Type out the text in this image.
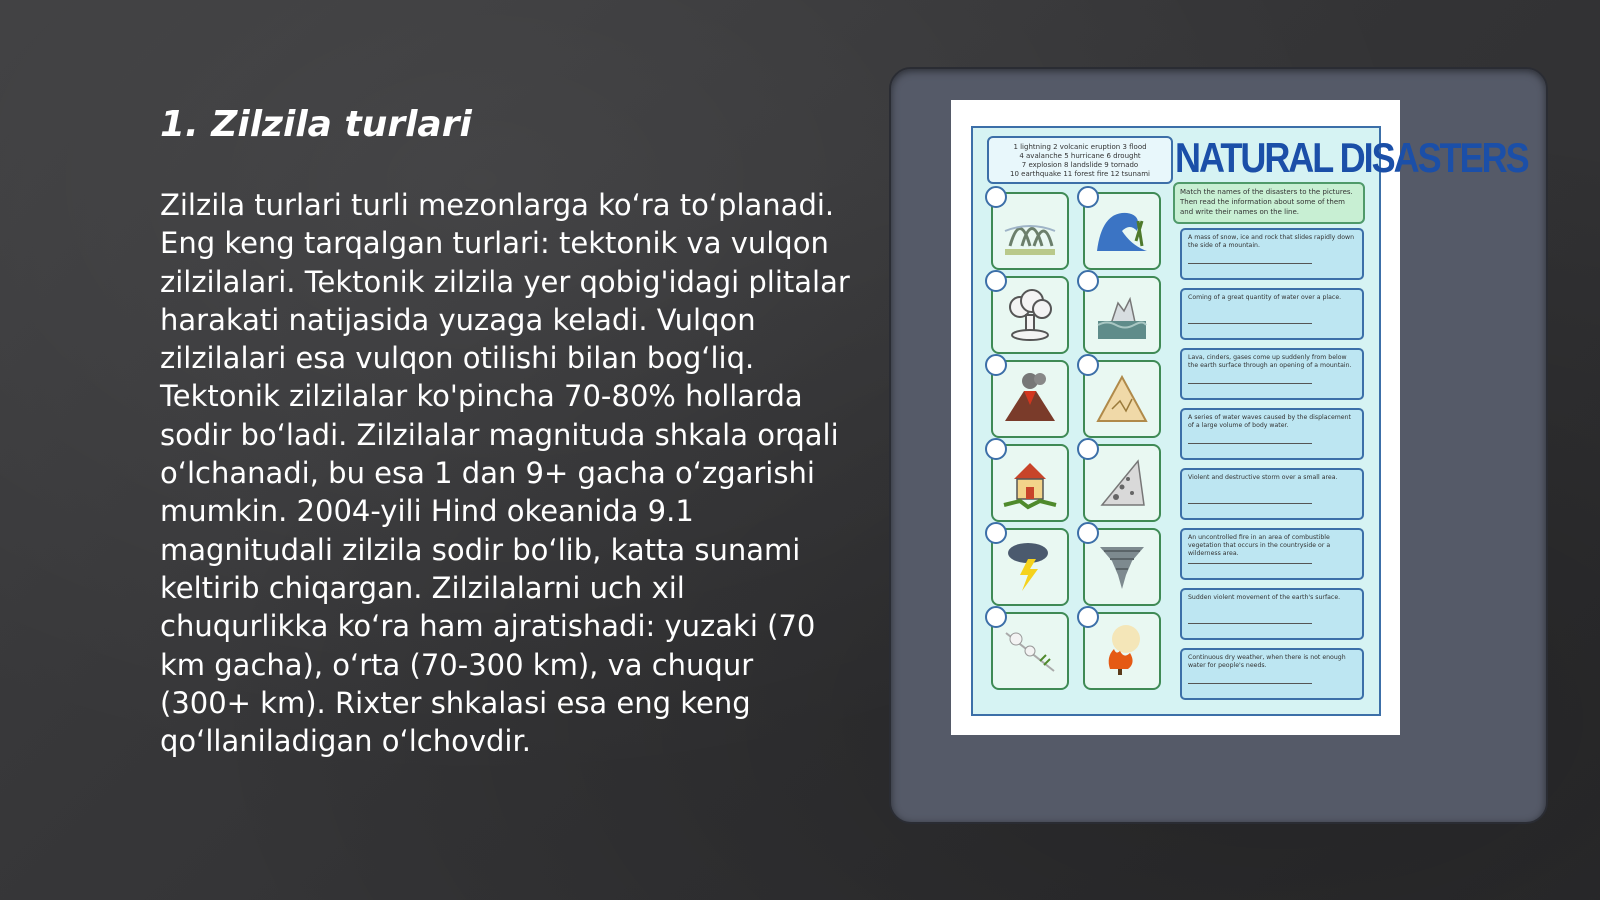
1. Zilzila turlari
Zilzila turlari turli mezonlarga ko‘ra to‘planadi. Eng keng tarqalgan turlari: tektonik va vulqon zilzilalari. Tektonik zilzila yer qobig'idagi plitalar harakati natijasida yuzaga keladi. Vulqon zilzilalari esa vulqon otilishi bilan bog‘liq. Tektonik zilzilalar ko'pincha 70-80% hollarda sodir bo‘ladi. Zilzilalar magnituda shkala orqali o‘lchanadi, bu esa 1 dan 9+ gacha o‘zgarishi mumkin. 2004-yili Hind okeanida 9.1 magnitudali zilzila sodir bo‘lib, katta sunami keltirib chiqargan. Zilzilalarni uch xil chuqurlikka ko‘ra ham ajratishadi: yuzaki (70 km gacha), o‘rta (70-300 km), va chuqur (300+ km). Rixter shkalasi esa eng keng qo‘llaniladigan o‘lchovdir.
1 lightning 2 volcanic eruption 3 flood
4 avalanche 5 hurricane 6 drought
7 explosion 8 landslide 9 tornado
10 earthquake 11 forest fire 12 tsunami NATURAL DISASTERS
Match the names of the disasters to the pictures. Then read the information about some of them and write their names on the line.
A mass of snow, ice and rock that slides rapidly down the side of a mountain.
Coming of a great quantity of water over a place.
Lava, cinders, gases come up suddenly from below the earth surface through an opening of a mountain.
A series of water waves caused by the displacement of a large volume of body water.
Violent and destructive storm over a small area.
An uncontrolled fire in an area of combustible vegetation that occurs in the countryside or a wilderness area.
Sudden violent movement of the earth's surface.
Continuous dry weather, when there is not enough water for people's needs.
